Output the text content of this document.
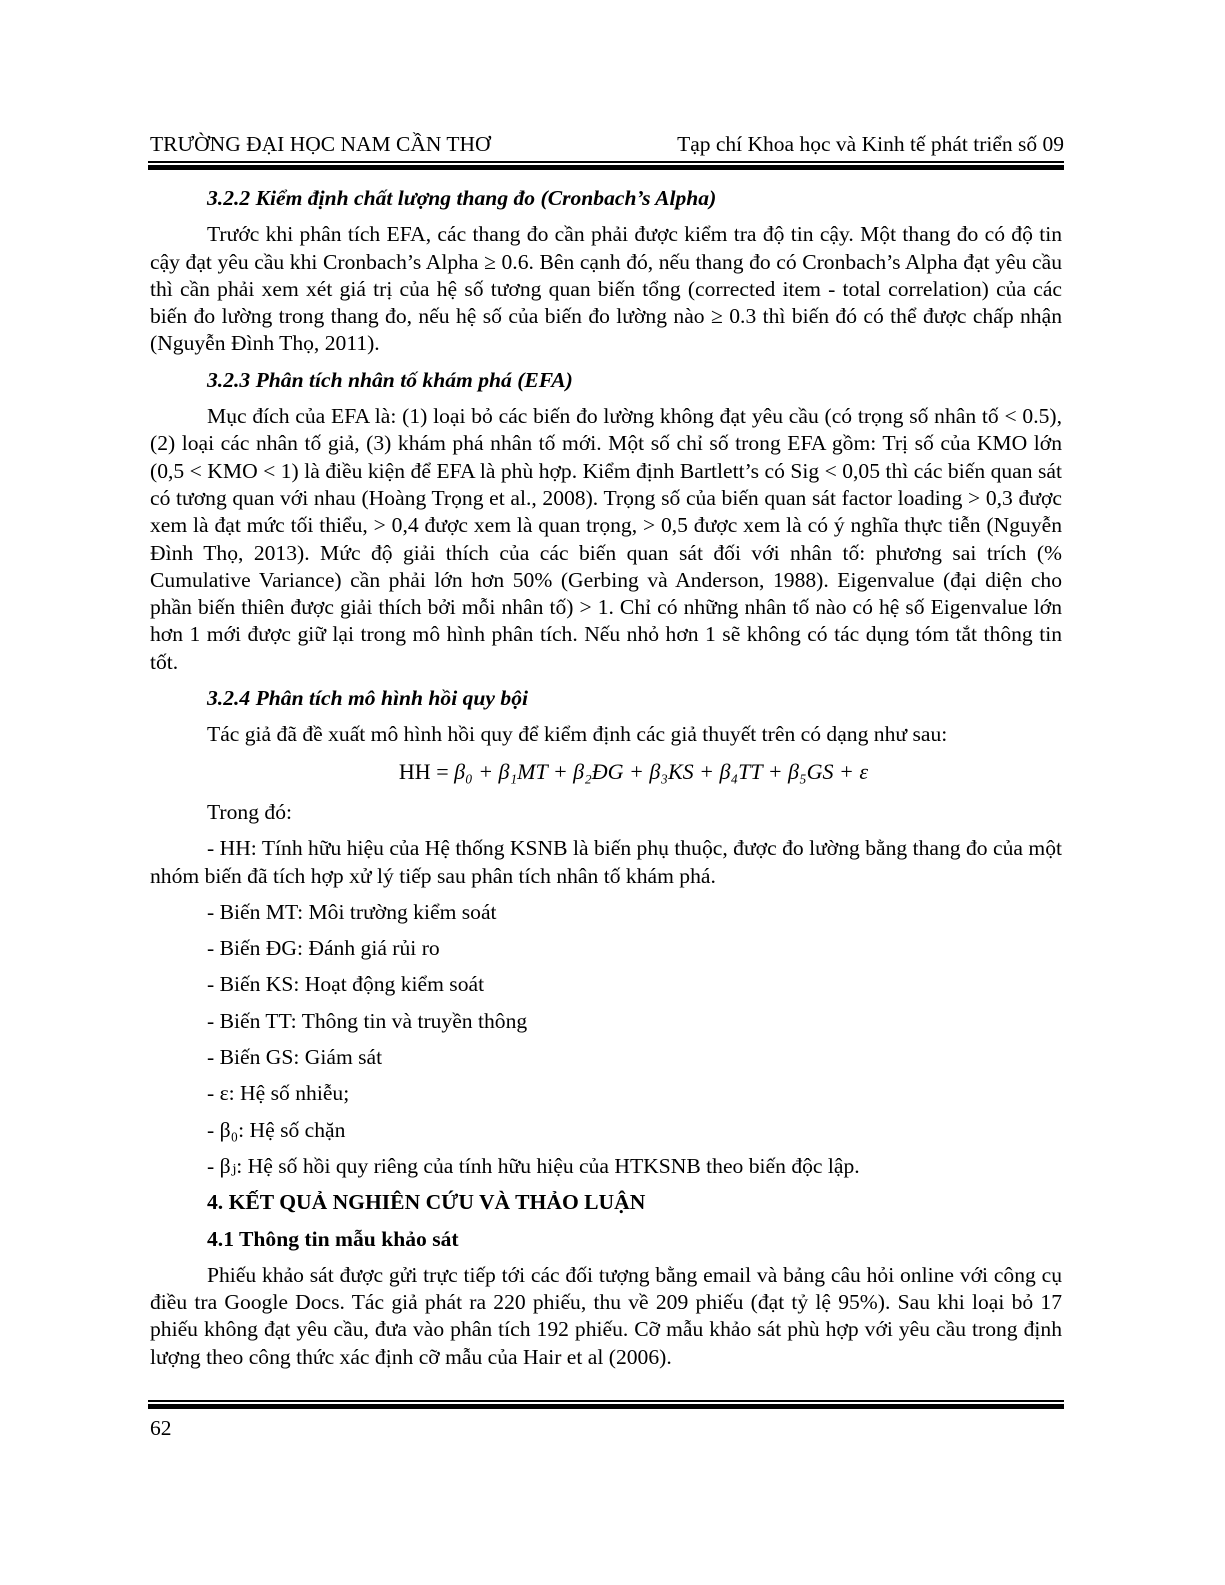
TRƯỜNG ĐẠI HỌC NAM CẦN THƠ	Tạp chí Khoa học và Kinh tế phát triển số 09

3.2.2 Kiểm định chất lượng thang đo (Cronbach’s Alpha)

Trước khi phân tích EFA, các thang đo cần phải được kiểm tra độ tin cậy. Một thang đo có độ tin cậy đạt yêu cầu khi Cronbach’s Alpha ≥ 0.6. Bên cạnh đó, nếu thang đo có Cronbach’s Alpha đạt yêu cầu thì cần phải xem xét giá trị của hệ số tương quan biến tổng (corrected item - total correlation) của các biến đo lường trong thang đo, nếu hệ số của biến đo lường nào ≥ 0.3 thì biến đó có thể được chấp nhận (Nguyễn Đình Thọ, 2011).

3.2.3 Phân tích nhân tố khám phá (EFA)

Mục đích của EFA là: (1) loại bỏ các biến đo lường không đạt yêu cầu (có trọng số nhân tố < 0.5), (2) loại các nhân tố giả, (3) khám phá nhân tố mới. Một số chỉ số trong EFA gồm: Trị số của KMO lớn (0,5 < KMO < 1) là điều kiện để EFA là phù hợp. Kiểm định Bartlett’s có Sig < 0,05 thì các biến quan sát có tương quan với nhau (Hoàng Trọng et al., 2008). Trọng số của biến quan sát factor loading > 0,3 được xem là đạt mức tối thiểu, > 0,4 được xem là quan trọng, > 0,5 được xem là có ý nghĩa thực tiễn (Nguyễn Đình Thọ, 2013). Mức độ giải thích của các biến quan sát đối với nhân tố: phương sai trích (% Cumulative Variance) cần phải lớn hơn 50% (Gerbing và Anderson, 1988). Eigenvalue (đại diện cho phần biến thiên được giải thích bởi mỗi nhân tố) > 1. Chỉ có những nhân tố nào có hệ số Eigenvalue lớn hơn 1 mới được giữ lại trong mô hình phân tích. Nếu nhỏ hơn 1 sẽ không có tác dụng tóm tắt thông tin tốt.

3.2.4 Phân tích mô hình hồi quy bội

Tác giả đã đề xuất mô hình hồi quy để kiểm định các giả thuyết trên có dạng như sau:

HH = β₀ + β₁MT + β₂ĐG + β₃KS + β₄TT + β₅GS + ε

Trong đó:

- HH: Tính hữu hiệu của Hệ thống KSNB là biến phụ thuộc, được đo lường bằng thang đo của một nhóm biến đã tích hợp xử lý tiếp sau phân tích nhân tố khám phá.

- Biến MT: Môi trường kiểm soát

- Biến ĐG: Đánh giá rủi ro

- Biến KS: Hoạt động kiểm soát

- Biến TT: Thông tin và truyền thông

- Biến GS: Giám sát

- ε: Hệ số nhiễu;

- β₀: Hệ số chặn

- βⱼ: Hệ số hồi quy riêng của tính hữu hiệu của HTKSNB theo biến độc lập.

4. KẾT QUẢ NGHIÊN CỨU VÀ THẢO LUẬN

4.1 Thông tin mẫu khảo sát

Phiếu khảo sát được gửi trực tiếp tới các đối tượng bằng email và bảng câu hỏi online với công cụ điều tra Google Docs. Tác giả phát ra 220 phiếu, thu về 209 phiếu (đạt tỷ lệ 95%). Sau khi loại bỏ 17 phiếu không đạt yêu cầu, đưa vào phân tích 192 phiếu. Cỡ mẫu khảo sát phù hợp với yêu cầu trong định lượng theo công thức xác định cỡ mẫu của Hair et al (2006).

62
